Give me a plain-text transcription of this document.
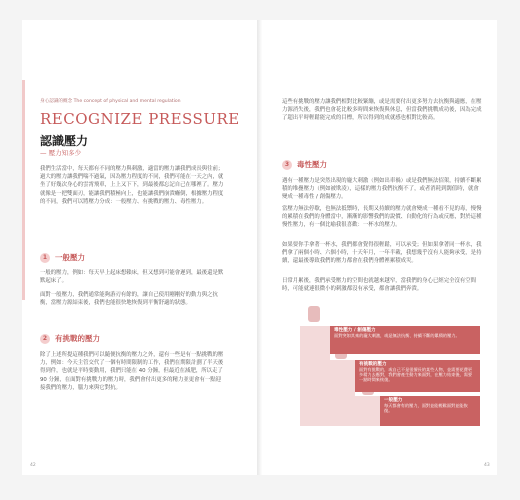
身心認識的概念 The concept of physical and mental regulation
RECOGNIZE PRESSURE
認識壓力
— 壓力知多少
我們生活當中，每天都有不同的壓力與刺激，適當的壓力讓我們成長與往前；過大的壓力讓我們喘不過氣，因為壓力程度的不同，我們可能在一天之內，就坐了好幾次身心的雲霄飛車，上上又下下，到最後都忘記自己在哪裡了。壓力就像是一把雙面刃，能讓我們積極向上，也能讓我們崩潰癱倒，根據壓力程度的不同，我們可以將壓力分成：一般壓力、有挑戰的壓力、毒性壓力。
1	一般壓力
一般的壓力，例如：每天早上起床想賴床，但又想到可能會遲到，最後還是默默起床了。
面對一般壓力，我們通常能夠游刃有餘的，讓自己使用剛剛好的動力與之抗衡，當壓力源結束後，我們也能很快地恢復到平衡舒適的狀態。
2	有挑戰的壓力
除了上述所提這種我們可以隨便抗衡的壓力之外，還有一些是有一點挑戰的壓力，例如：今天主管交代了一個有時間限制的工作，我們在期限計劃了半天後得到件，也就是平時要動用，我們只能在 40 分鐘，但最近在減肥，所以走了 90 分鐘，在面對有挑戰力的壓力時，我們會付出更多的精力並更會有一點迎接我們的壓力，腦力來與它對抗。
42
這些有挑戰的壓力讓我們相對比較緊繃，或是需要付出更多努力去抗衡與適應，在壓力源消失後，我們也會花比較多時間來恢復與休息，但當我們挑戰成功後，因為完成了超出平時輕鬆能完成的目標，所以得到的成就感也相對比較高。
3	毒性壓力
遇有一種壓力是突然出現的龐大刺激（例如出車禍）或是我們無法招架，持續不斷累積的堆疊壓力（例如被欺凌），這樣的壓力我們抗衡不了，或者消耗到闊值時，就會變成一種毒性 / 創傷壓力。
當壓力無法停歇，也無法抵禦時，長期又持續的壓力就會變成一種看不見的毒，慢慢的累積在我們的身體當中，漸漸的影響我們的說價、自動化的行為或反應，對於這種慢性壓力，有一個比喻我很喜歡：一杯水的壓力。
如果要你手拿著一杯水，我們都會覺得很輕鬆，可以承受；但如果拿著同一杯水，我們拿了兩個小時、六個小時，十天年月，一年半載，我想幾乎沒有人能夠承受，是持續，還最後導致我們的壓力都會在我們身體裡累積成災。
日常月累後，我們承受壓力的空間也就越來越窄，當我們的身心已經完全沒有空間時，可能就連很微小的刺激都沒有承受，都會讓我們奔潰。
毒性壓力 / 創傷壓力
面對突如其來的龐大刺激，或是無法抗衡、持續不斷的累積的壓力。
有挑戰的壓力
面對有挑戰的，或自己不是很擅長的某些人物，並需要花費更多精力去應對，我們會產生動力來面對，在壓力結束後，需要一點時間來恢復。
一般壓力
每天都會有的壓力，面對並能輕鬆面對並能恢復。
43
